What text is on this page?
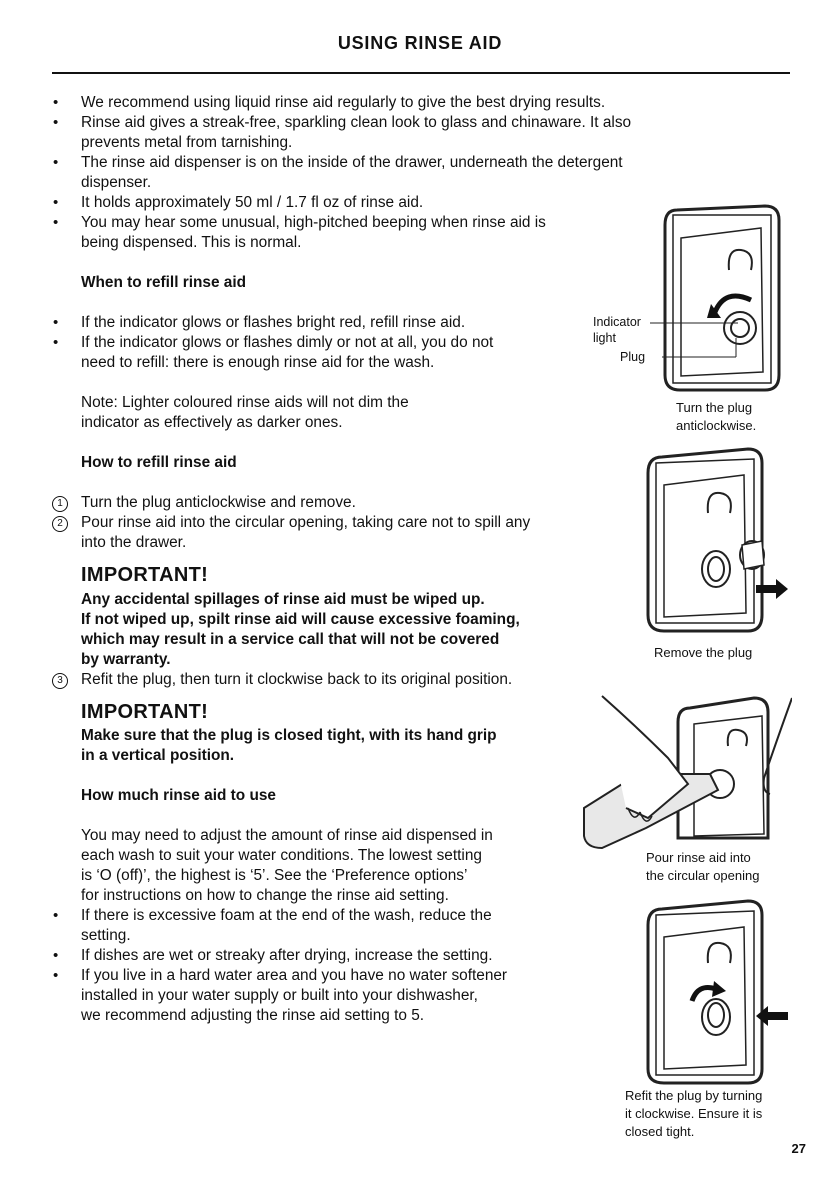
USING RINSE AID
• We recommend using liquid rinse aid regularly to give the best drying results.
• Rinse aid gives a streak-free, sparkling clean look to glass and chinaware. It also
prevents metal from tarnishing.
• The rinse aid dispenser is on the inside of the drawer, underneath the detergent
dispenser.
• It holds approximately 50 ml / 1.7 fl oz of rinse aid.
• You may hear some unusual, high-pitched beeping when rinse aid is
being dispensed. This is normal.
When to refill rinse aid
• If the indicator glows or flashes bright red, refill rinse aid.
• If the indicator glows or flashes dimly or not at all, you do not
need to refill: there is enough rinse aid for the wash.
Note: Lighter coloured rinse aids will not dim the
indicator as effectively as darker ones.
How to refill rinse aid
1	Turn the plug anticlockwise and remove.
2	Pour rinse aid into the circular opening, taking care not to spill any
into the drawer.
IMPORTANT!
Any accidental spillages of rinse aid must be wiped up.
If not wiped up, spilt rinse aid will cause excessive foaming,
which may result in a service call that will not be covered
by warranty.
3	Refit the plug, then turn it clockwise back to its original position.
IMPORTANT!
Make sure that the plug is closed tight, with its hand grip
in a vertical position.
How much rinse aid to use
You may need to adjust the amount of rinse aid dispensed in
each wash to suit your water conditions. The lowest setting
is ‘O (off)’, the highest is ‘5’. See the ‘Preference options’
for instructions on how to change the rinse aid setting.
• If there is excessive foam at the end of the wash, reduce the
setting.
• If dishes are wet or streaky after drying, increase the setting.
• If you live in a hard water area and you have no water softener
installed in your water supply or built into your dishwasher,
we recommend adjusting the rinse aid setting to 5.
Indicator
light
Plug
Turn the plug
anticlockwise.
Remove the plug
Pour rinse aid into
the circular opening
Refit the plug by turning
it clockwise. Ensure it is
closed tight.
27
